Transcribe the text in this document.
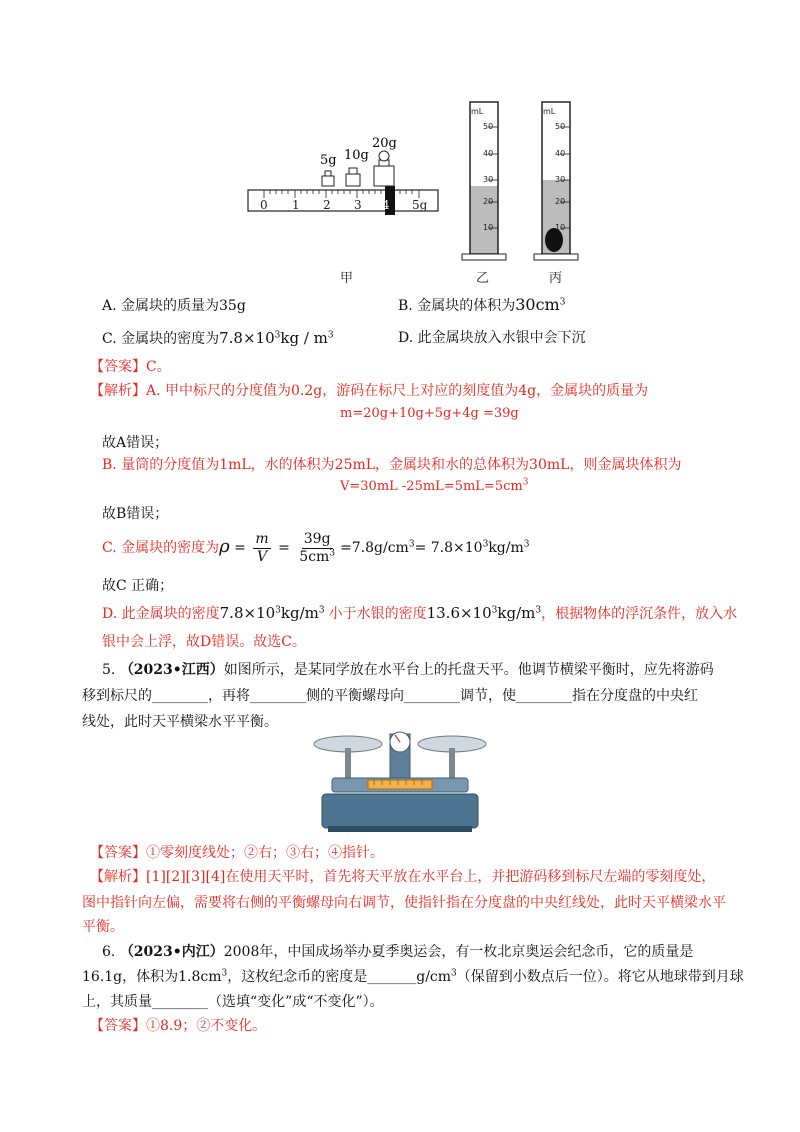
0 1 2 3 4 5g
5g 10g
20g
mL
50
40
30
20
10
mL
50
40
30
20
10
甲	乙	丙
A. 金属块的质量为35g	B. 金属块的体积为$30cm^3$
C. 金属块的密度为$7.8\times 10^3kg / m^3$	D. 此金属块放入水银中会下沉
【答案】C。
【解析】A. 甲中标尺的分度值为0.2g，游码在标尺上对应的刻度值为4g，金属块的质量为
m=20g+10g+5g+4g =39g
故A错误；
B. 量筒的分度值为1mL，水的体积为25mL，金属块和水的总体积为30mL，则金属块体积为
V=30mL $-25mL=5mL=5cm^3$
故B错误；
C. 金属块的密度为$\rho = \frac{m}{V} = \frac{39g}{5cm^3} =7.8g/cm^3= 7.8\times 10^3kg/m^3$
故C 正确；
D. 此金属块的密度$7.8\times 10^3kg/m^3$ 小于水银的密度$13.6\times 10^3kg/m^3$，根据物体的浮沉条件，放入水
银中会上浮，故D错误。故选C。
5. （2023•江西）如图所示，是某同学放在水平台上的托盘天平。他调节横梁平衡时，应先将游码
移到标尺的________，再将________侧的平衡螺母向________调节，使________指在分度盘的中央红
线处，此时天平横梁水平平衡。
【答案】①零刻度线处；②右；③右；④指针。
【解析】[1][2][3][4]在使用天平时，首先将天平放在水平台上，并把游码移到标尺左端的零刻度处，
图中指针向左偏，需要将右侧的平衡螺母向右调节，使指针指在分度盘的中央红线处，此时天平横梁水平
平衡。
6. （2023•内江）2008年，中国成场举办夏季奥运会，有一枚北京奥运会纪念币，它的质量是
16.1g，体积为$1.8cm^3$，这枚纪念币的密度是$\_\_\_\_\_\_\_g/cm^3$（保留到小数点后一位）。将它从地球带到月球
上，其质量________（选填“变化”成“不变化”）。
【答案】①8.9；②不变化。
